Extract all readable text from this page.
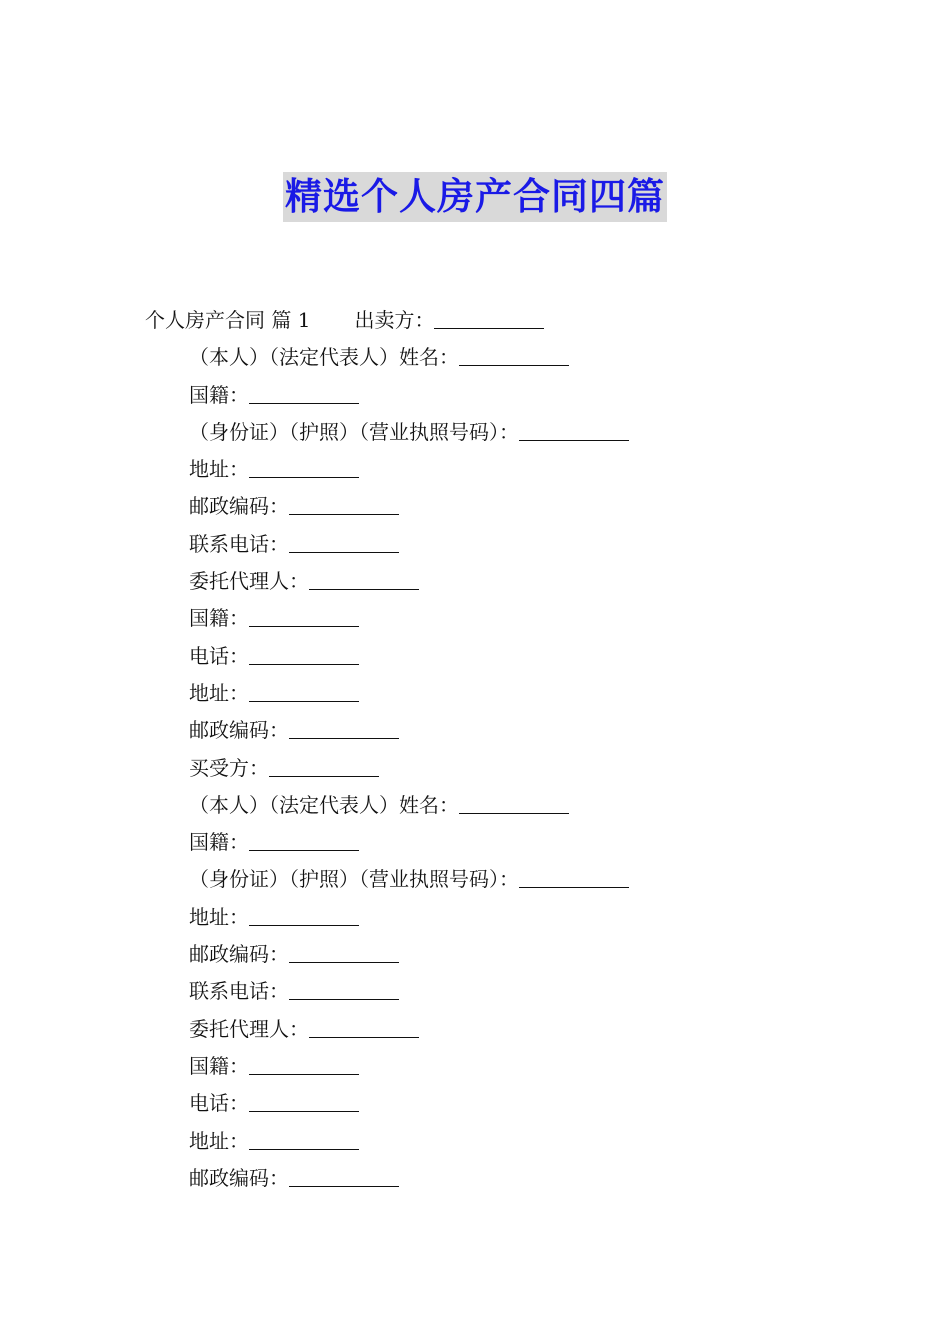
精选个人房产合同四篇
个人房产合同 篇 1 出卖方：
（本人）（法定代表人）姓名：
国籍：
（身份证）（护照）（营业执照号码）：
地址：
邮政编码：
联系电话：
委托代理人：
国籍：
电话：
地址：
邮政编码：
买受方：
（本人）（法定代表人）姓名：
国籍：
（身份证）（护照）（营业执照号码）：
地址：
邮政编码：
联系电话：
委托代理人：
国籍：
电话：
地址：
邮政编码：
